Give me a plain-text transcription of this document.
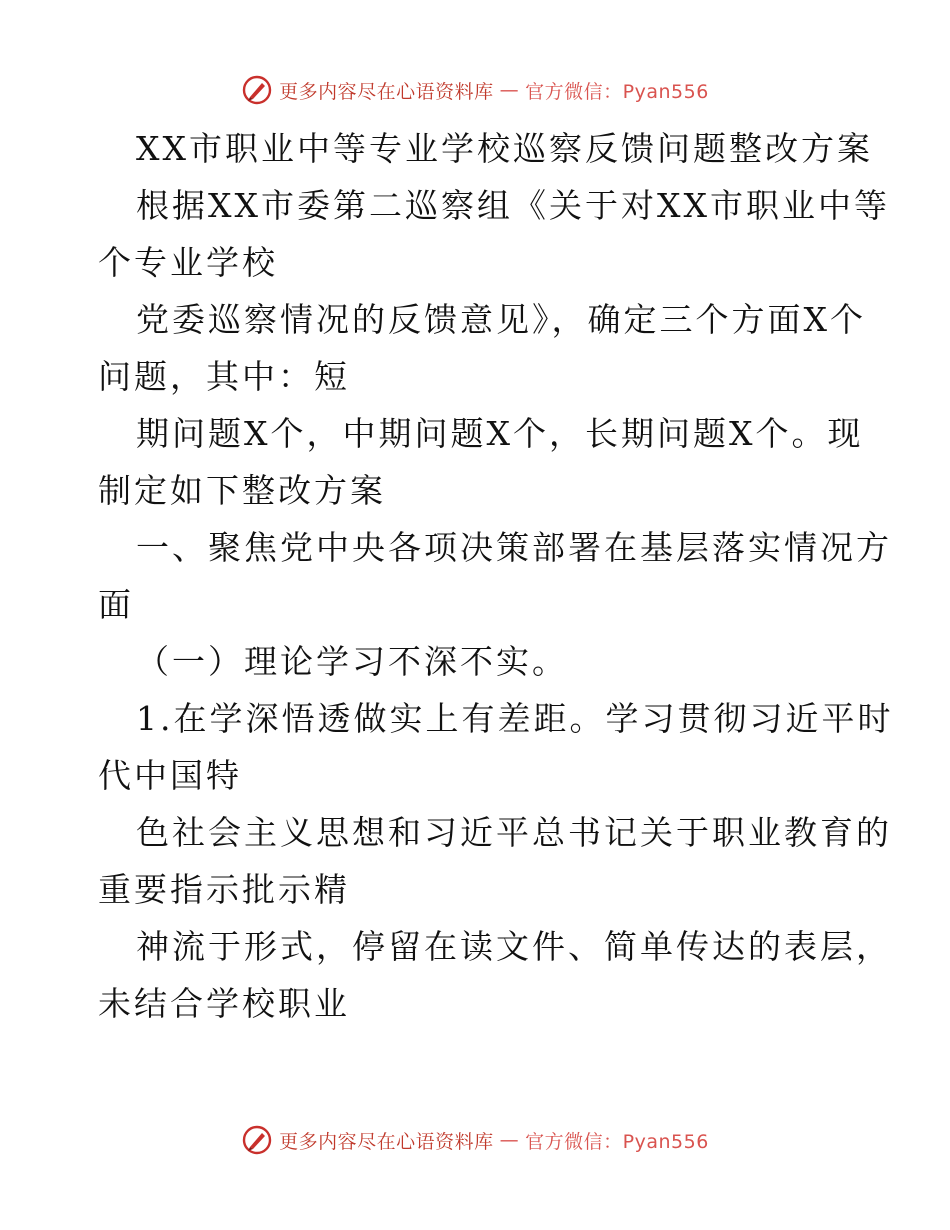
更多内容尽在心语资料库 — 官方微信：Pyan556
XX市职业中等专业学校巡察反馈问题整改方案
根据XX市委第二巡察组《关于对XX市职业中等
个专业学校
党委巡察情况的反馈意见》，确定三个方面X个
问题，其中：短
期问题X个，中期问题X个，长期问题X个。现
制定如下整改方案
一、聚焦党中央各项决策部署在基层落实情况方
面
（一）理论学习不深不实。
1.在学深悟透做实上有差距。学习贯彻习近平时
代中国特
色社会主义思想和习近平总书记关于职业教育的
重要指示批示精
神流于形式，停留在读文件、简单传达的表层，
未结合学校职业
更多内容尽在心语资料库 — 官方微信：Pyan556
